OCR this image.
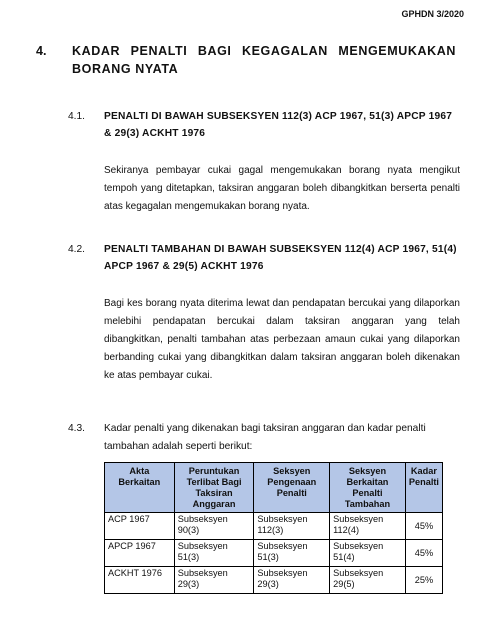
GPHDN 3/2020
4. KADAR PENALTI BAGI KEGAGALAN MENGEMUKAKAN BORANG NYATA
4.1. PENALTI DI BAWAH SUBSEKSYEN 112(3) ACP 1967, 51(3) APCP 1967 & 29(3) ACKHT 1976
Sekiranya pembayar cukai gagal mengemukakan borang nyata mengikut tempoh yang ditetapkan, taksiran anggaran boleh dibangkitkan berserta penalti atas kegagalan mengemukakan borang nyata.
4.2. PENALTI TAMBAHAN DI BAWAH SUBSEKSYEN 112(4) ACP 1967, 51(4) APCP 1967 & 29(5) ACKHT 1976
Bagi kes borang nyata diterima lewat dan pendapatan bercukai yang dilaporkan melebihi pendapatan bercukai dalam taksiran anggaran yang telah dibangkitkan, penalti tambahan atas perbezaan amaun cukai yang dilaporkan berbanding cukai yang dibangkitkan dalam taksiran anggaran boleh dikenakan ke atas pembayar cukai.
4.3. Kadar penalti yang dikenakan bagi taksiran anggaran dan kadar penalti tambahan adalah seperti berikut:
Akta Berkaitan	Peruntukan Terlibat Bagi Taksiran Anggaran	Seksyen Pengenaan Penalti	Seksyen Berkaitan Penalti Tambahan	Kadar Penalti
ACP 1967	Subseksyen 90(3)	Subseksyen 112(3)	Subseksyen 112(4)	45%
APCP 1967	Subseksyen 51(3)	Subseksyen 51(3)	Subseksyen 51(4)	45%
ACKHT 1976	Subseksyen 29(3)	Subseksyen 29(3)	Subseksyen 29(5)	25%
